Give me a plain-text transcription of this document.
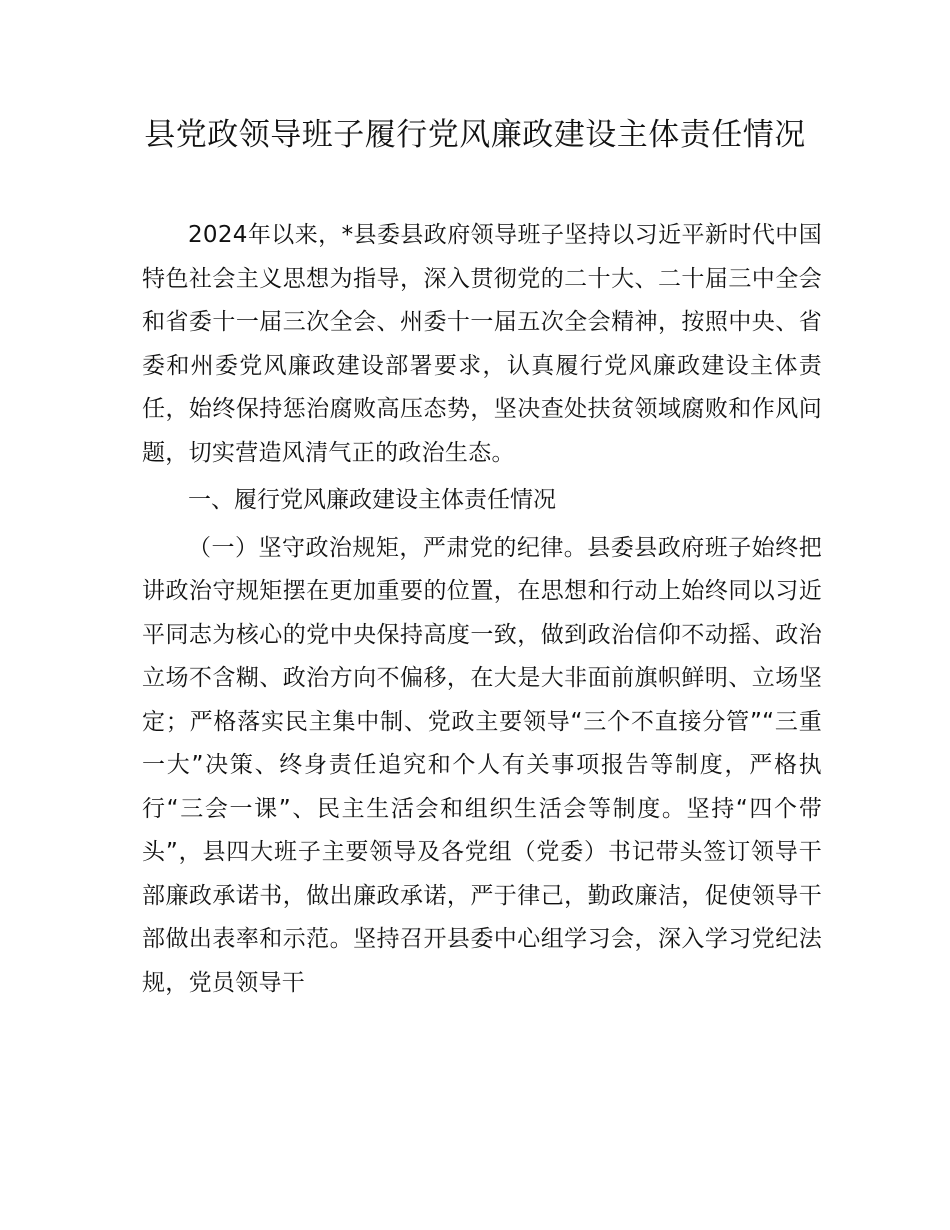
县党政领导班子履行党风廉政建设主体责任情况

2024年以来，*县委县政府领导班子坚持以习近平新时代中国特色社会主义思想为指导，深入贯彻党的二十大、二十届三中全会和省委十一届三次全会、州委十一届五次全会精神，按照中央、省委和州委党风廉政建设部署要求，认真履行党风廉政建设主体责任，始终保持惩治腐败高压态势，坚决查处扶贫领域腐败和作风问题，切实营造风清气正的政治生态。

一、履行党风廉政建设主体责任情况

（一）坚守政治规矩，严肃党的纪律。县委县政府班子始终把讲政治守规矩摆在更加重要的位置，在思想和行动上始终同以习近平同志为核心的党中央保持高度一致，做到政治信仰不动摇、政治立场不含糊、政治方向不偏移，在大是大非面前旗帜鲜明、立场坚定；严格落实民主集中制、党政主要领导“三个不直接分管”“三重一大”决策、终身责任追究和个人有关事项报告等制度，严格执行“三会一课”、民主生活会和组织生活会等制度。坚持“四个带头”，县四大班子主要领导及各党组（党委）书记带头签订领导干部廉政承诺书，做出廉政承诺，严于律己，勤政廉洁，促使领导干部做出表率和示范。坚持召开县委中心组学习会，深入学习党纪法规，党员领导干
